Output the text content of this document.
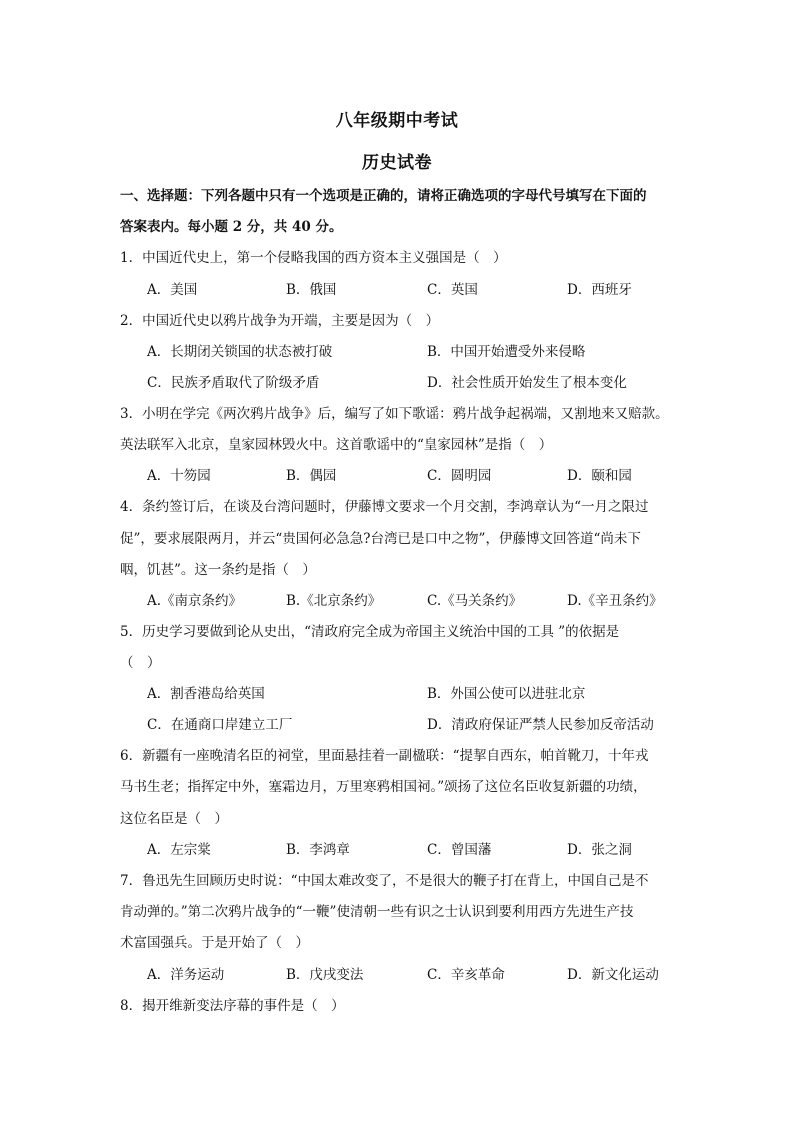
八年级期中考试
历史试卷
一、选择题：下列各题中只有一个选项是正确的，请将正确选项的字母代号填写在下面的
答案表内。每小题 2 分，共 40 分。
1．中国近代史上，第一个侵略我国的西方资本主义强国是（　）
A．美国	B．俄国	C．英国	D．西班牙
2．中国近代史以鸦片战争为开端，主要是因为（　）
A．长期闭关锁国的状态被打破	B．中国开始遭受外来侵略
C．民族矛盾取代了阶级矛盾	D．社会性质开始发生了根本变化
3．小明在学完《两次鸦片战争》后，编写了如下歌谣：鸦片战争起祸端，又割地来又赔款。
英法联军入北京，皇家园林毁火中。这首歌谣中的“皇家园林”是指（　）
A．十笏园	B．偶园	C．圆明园	D．颐和园
4．条约签订后，在谈及台湾问题时，伊藤博文要求一个月交割，李鸿章认为“一月之限过
促”，要求展限两月，并云“贵国何必急急?台湾已是口中之物”，伊藤博文回答道“尚未下
咽，饥甚”。这一条约是指（　）
A.《南京条约》	B.《北京条约》	C.《马关条约》	D.《辛丑条约》
5．历史学习要做到论从史出，“清政府完全成为帝国主义统治中国的工具 ”的依据是
（　）
A．割香港岛给英国	B．外国公使可以进驻北京
C．在通商口岸建立工厂	D．清政府保证严禁人民参加反帝活动
6．新疆有一座晚清名臣的祠堂，里面悬挂着一副楹联：“提挈自西东，帕首靴刀，十年戎
马书生老；指挥定中外，塞霜边月，万里寒鸦相国祠。”颂扬了这位名臣收复新疆的功绩，
这位名臣是（　）
A．左宗棠	B．李鸿章	C．曾国藩	D．张之洞
7．鲁迅先生回顾历史时说：“中国太难改变了，不是很大的鞭子打在背上，中国自己是不
肯动弹的。”第二次鸦片战争的“一鞭”使清朝一些有识之士认识到要利用西方先进生产技
术富国强兵。于是开始了（　）
A．洋务运动	B．戊戌变法	C．辛亥革命	D．新文化运动
8．揭开维新变法序幕的事件是（　）
